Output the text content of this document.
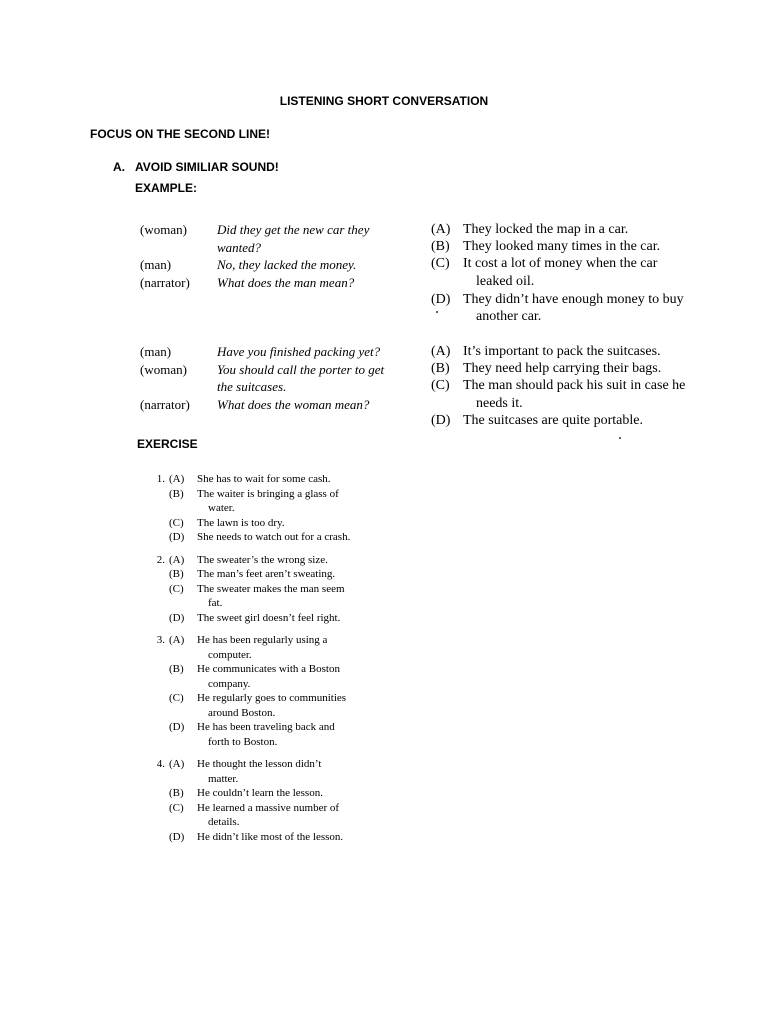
LISTENING SHORT CONVERSATION
FOCUS ON THE SECOND LINE!
A. AVOID SIMILIAR SOUND!
EXAMPLE:
(woman)	Did they get the new car they wanted?
(man)	No, they lacked the money.
(narrator)	What does the man mean?
(A) They locked the map in a car.
(B) They looked many times in the car.
(C) It cost a lot of money when the car
leaked oil.
(D) They didn’t have enough money to buy
another car.
(man)	Have you finished packing yet?
(woman)	You should call the porter to get the suitcases.
(narrator)	What does the woman mean?
(A) It’s important to pack the suitcases.
(B) They need help carrying their bags.
(C) The man should pack his suit in case he
needs it.
(D) The suitcases are quite portable.
EXERCISE
1. (A)	She has to wait for some cash.
(B)	The waiter is bringing a glass of
water.
(C)	The lawn is too dry.
(D)	She needs to watch out for a crash.
2. (A)	The sweater’s the wrong size.
(B)	The man’s feet aren’t sweating.
(C)	The sweater makes the man seem
fat.
(D)	The sweet girl doesn’t feel right.
3. (A)	He has been regularly using a
computer.
(B)	He communicates with a Boston
company.
(C)	He regularly goes to communities
around Boston.
(D)	He has been traveling back and
forth to Boston.
4. (A)	He thought the lesson didn’t
matter.
(B)	He couldn’t learn the lesson.
(C)	He learned a massive number of
details.
(D)	He didn’t like most of the lesson.
